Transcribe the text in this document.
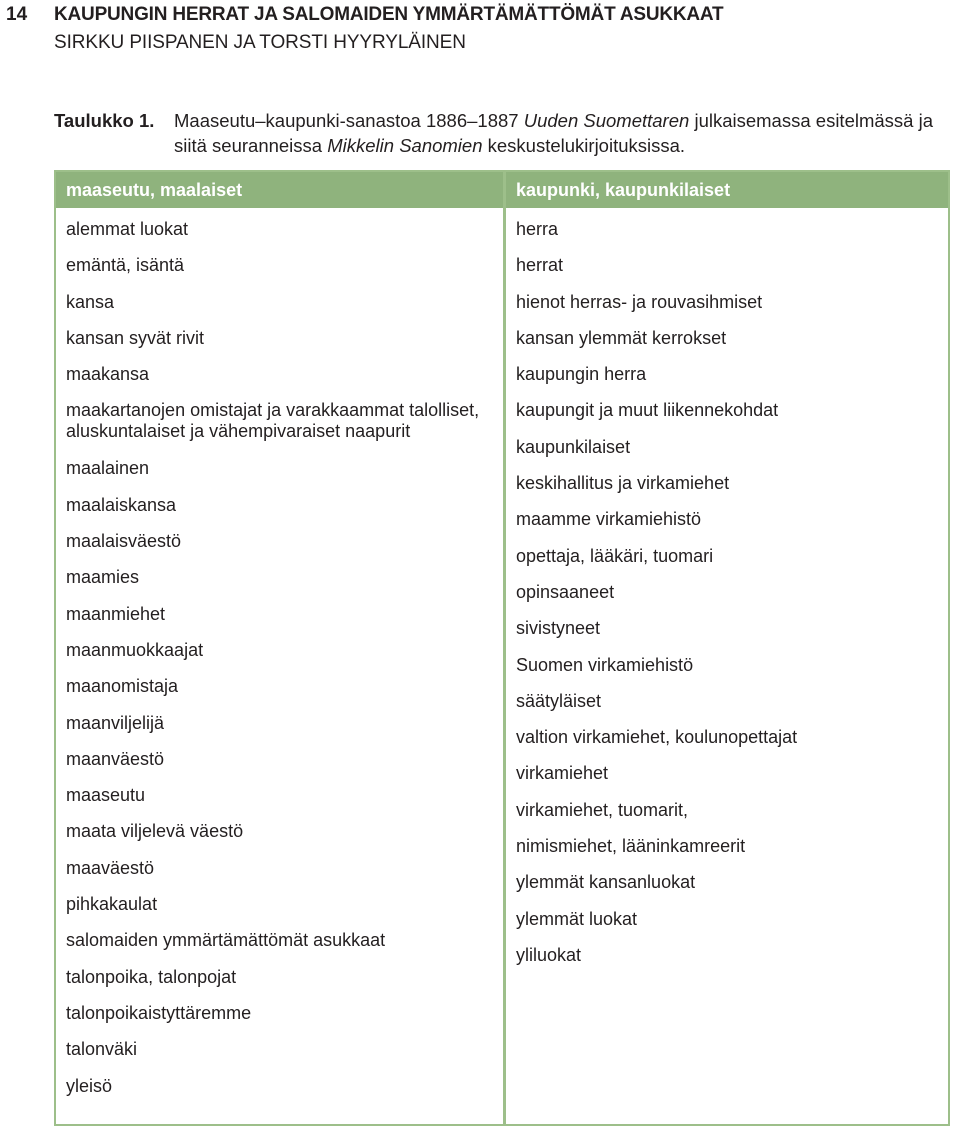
14 KAUPUNGIN HERRAT JA SALOMAIDEN YMMÄRTÄMÄTTÖMÄT ASUKKAAT
SIRKKU PIISPANEN JA TORSTI HYYRYLÄINEN
Taulukko 1. Maaseutu–kaupunki-sanastoa 1886–1887 Uuden Suomettaren julkaisemassa esitelmässä ja siitä seuranneissa Mikkelin Sanomien keskustelukirjoituksissa.
maaseutu, maalaiset
alemmat luokat
emäntä, isäntä
kansa
kansan syvät rivit
maakansa
maakartanojen omistajat ja varakkaammat talolliset, aluskuntalaiset ja vähempivaraiset naapurit
maalainen
maalaiskansa
maalaisväestö
maamies
maanmiehet
maanmuokkaajat
maanomistaja
maanviljelijä
maanväestö
maaseutu
maata viljelevä väestö
maaväestö
pihkakaulat
salomaiden ymmärtämättömät asukkaat
talonpoika, talonpojat
talonpoikaistyttäremme
talonväki
yleisö
kaupunki, kaupunkilaiset
herra
herrat
hienot herras- ja rouvasihmiset
kansan ylemmät kerrokset
kaupungin herra
kaupungit ja muut liikennekohdat
kaupunkilaiset
keskihallitus ja virkamiehet
maamme virkamiehistö
opettaja, lääkäri, tuomari
opinsaaneet
sivistyneet
Suomen virkamiehistö
säätyläiset
valtion virkamiehet, koulunopettajat
virkamiehet
virkamiehet, tuomarit,
nimismiehet, lääninkamreerit
ylemmät kansanluokat
ylemmät luokat
yliluokat
